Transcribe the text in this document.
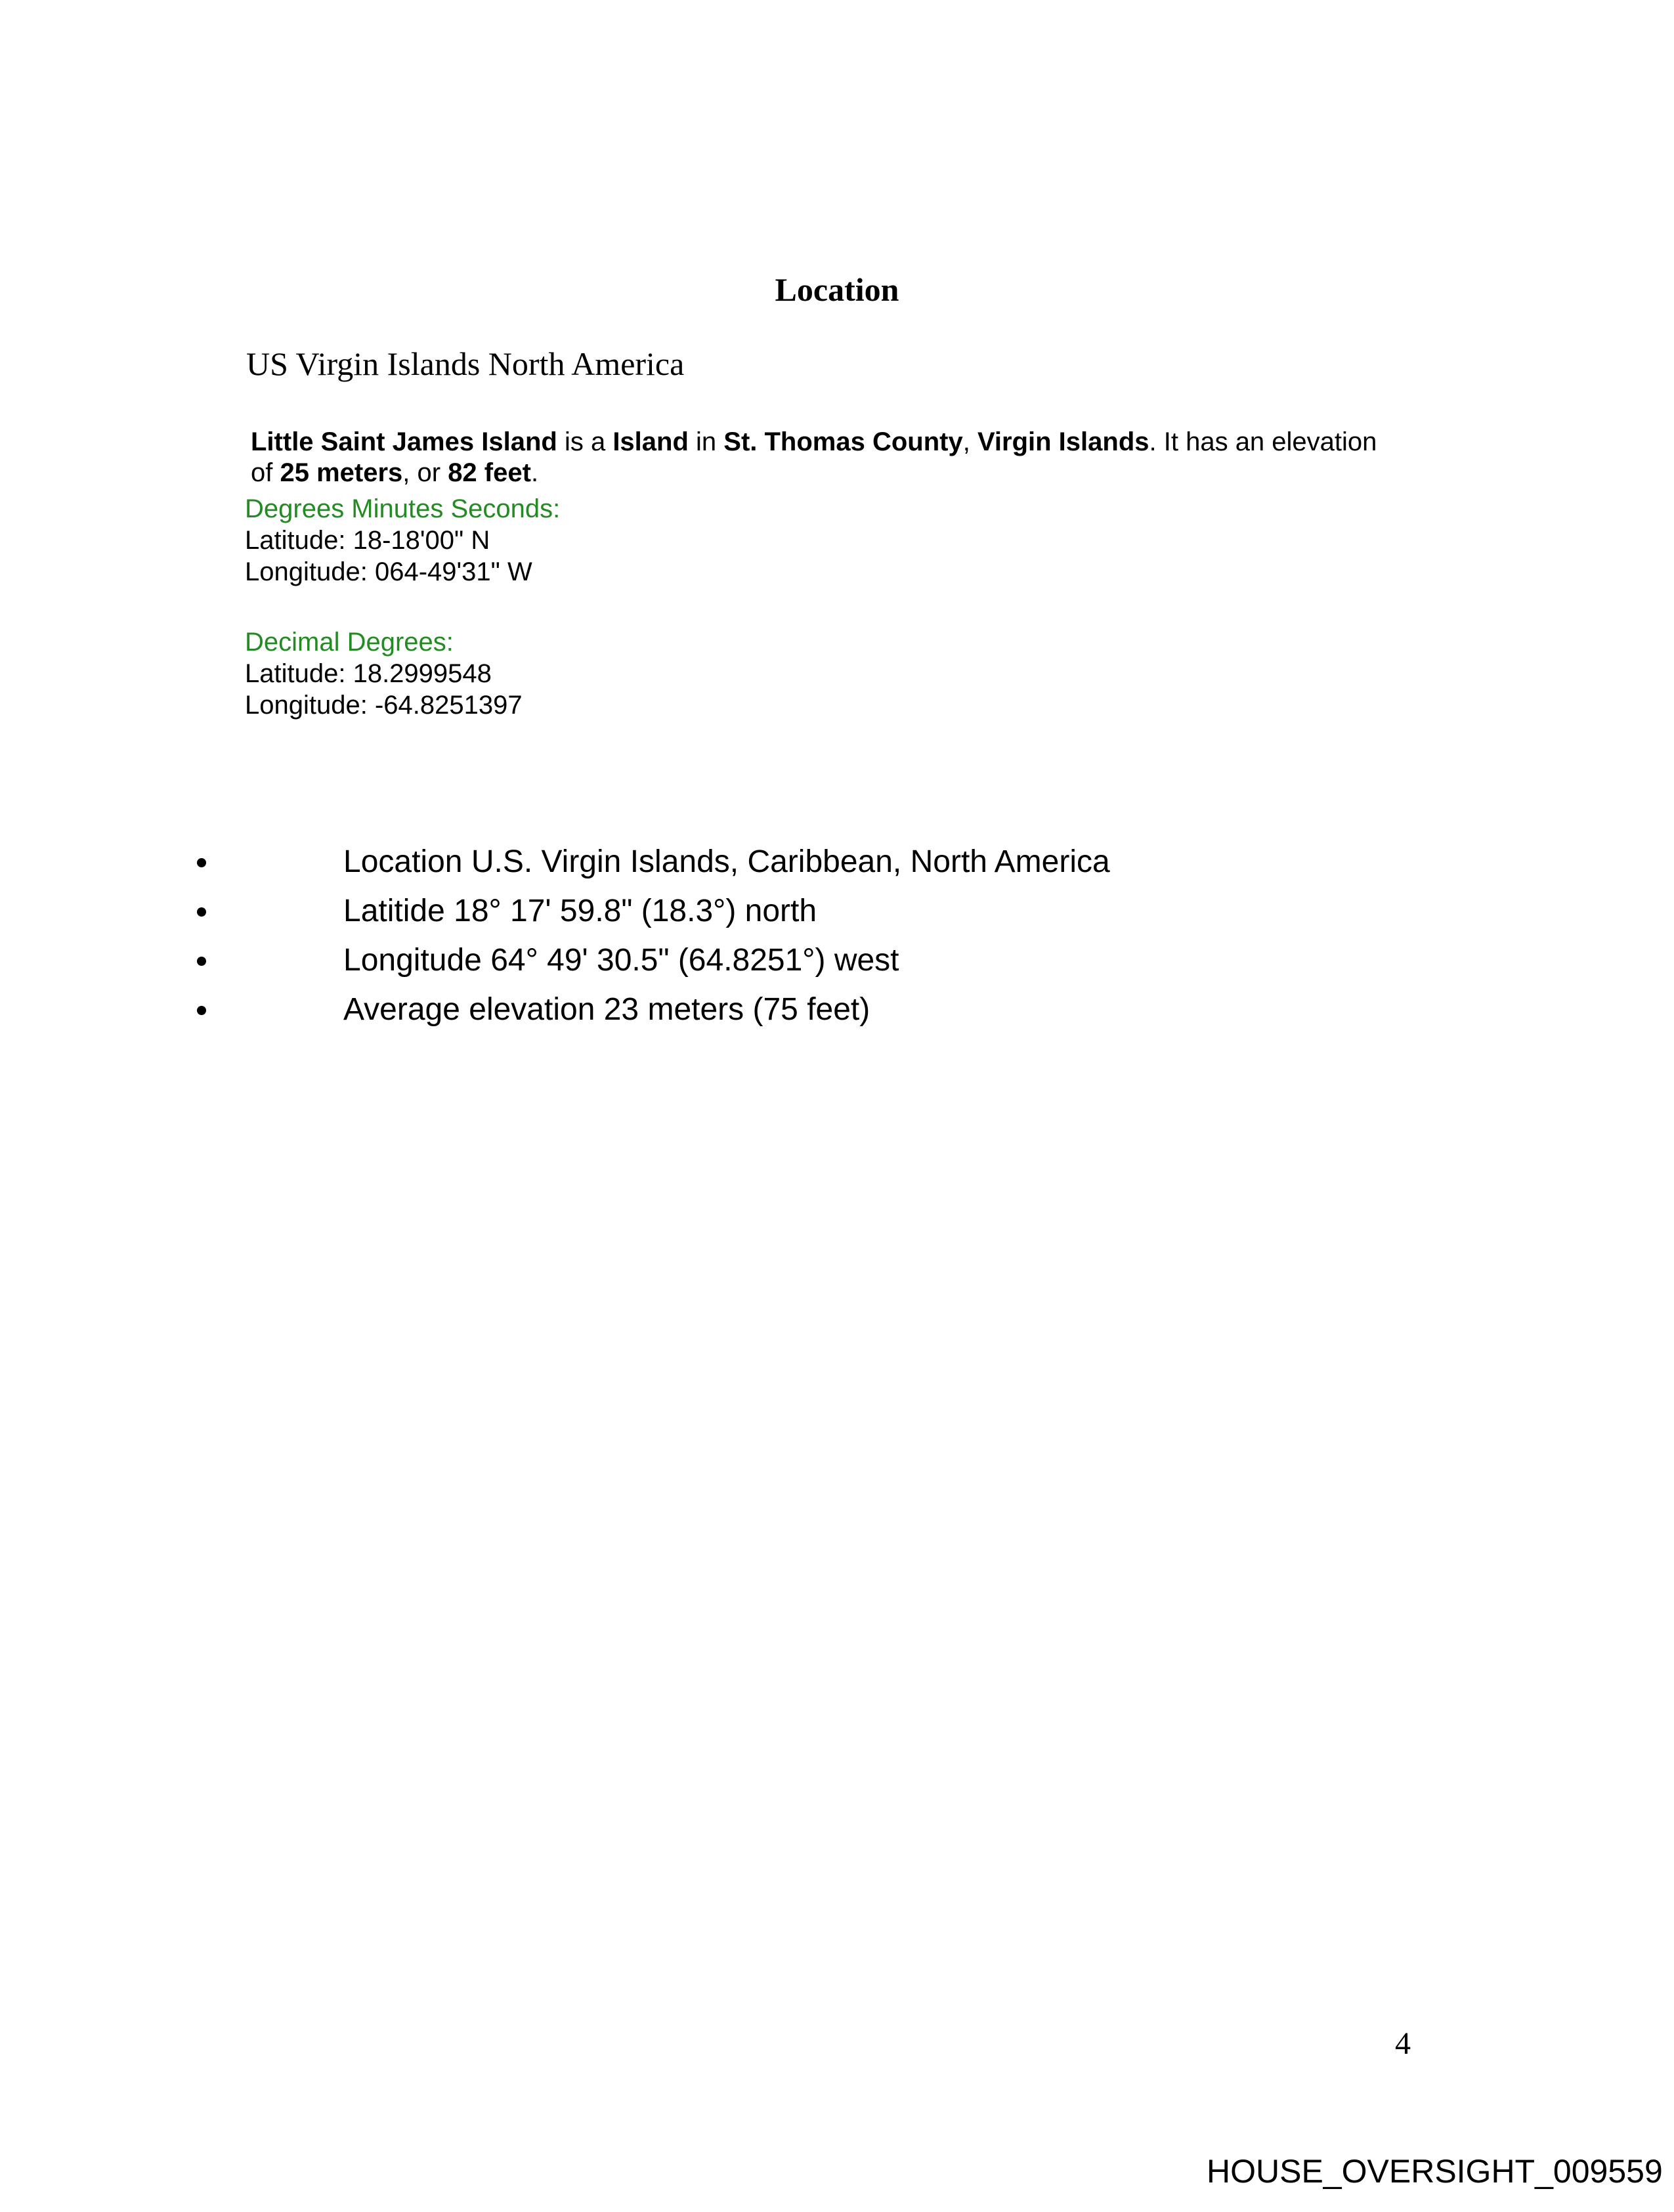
Location
US Virgin Islands North America
Little Saint James Island is a Island in St. Thomas County, Virgin Islands. It has an elevation of 25 meters, or 82 feet.
Degrees Minutes Seconds:
Latitude: 18-18'00" N
Longitude: 064-49'31" W
Decimal Degrees:
Latitude: 18.2999548
Longitude: -64.8251397
Location U.S. Virgin Islands, Caribbean, North America
Latitide 18° 17' 59.8" (18.3°) north
Longitude 64° 49' 30.5" (64.8251°) west
Average elevation 23 meters (75 feet)
4
HOUSE_OVERSIGHT_009559
